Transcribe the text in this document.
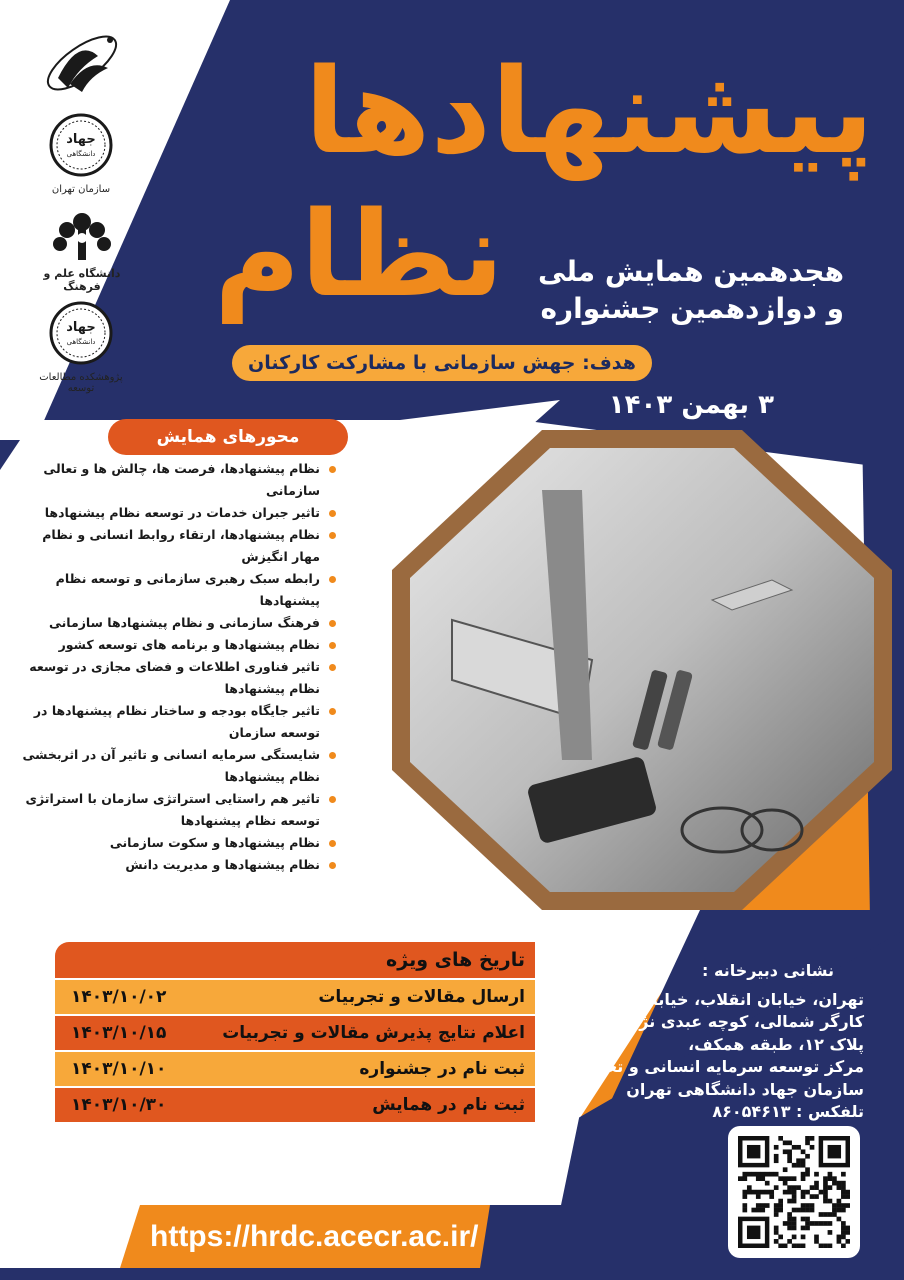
جهاد
دانشگاهی
سازمان تهران
دانشگاه علم و فرهنگ
جهاد
دانشگاهی
پژوهشکده مطالعات توسعه
پیشنهادها
نظام هجدهمین همایش ملی
و دوازدهمین جشنواره
هدف: جهش سازمانی با مشارکت کارکنان
۳ بهمن ۱۴۰۳
محورهای همایش
نظام پیشنهادها، فرصت ها، چالش ها و تعالی سازمانی
تاثیر جبران خدمات در توسعه نظام پیشنهادها
نظام پیشنهادها، ارتقاء روابط انسانی و نظام مهار انگیزش
رابطه سبک رهبری سازمانی و توسعه نظام پیشنهادها
فرهنگ سازمانی و نظام پیشنهادها سازمانی
نظام پیشنهادها و برنامه های توسعه کشور
تاثیر فناوری اطلاعات و فضای مجازی در توسعه نظام پیشنهادها
تاثیر جایگاه بودجه و ساختار نظام پیشنهادها در توسعه سازمان
شایستگی سرمایه انسانی و تاثیر آن در اثربخشی نظام پیشنهادها
تاثیر هم راستایی استراتژی سازمان با استراتژی توسعه نظام پیشنهادها
نظام پیشنهادها و سکوت سازمانی
نظام پیشنهادها و مدیریت دانش
تاریخ های ویژه
ارسال مقالات و تجربیات
۱۴۰۳/۱۰/۰۲
اعلام نتایج پذیرش مقالات و تجربیات
۱۴۰۳/۱۰/۱۵
ثبت نام در جشنواره
۱۴۰۳/۱۰/۱۰
ثبت نام در همایش
۱۴۰۳/۱۰/۳۰
نشانی دبیرخانه :
تهران، خیابان انقلاب، خیابان
کارگر شمالی، کوچه عبدی نژاد،
پلاک ۱۲، طبقه همکف،
مرکز توسعه سرمایه انسانی و تعالی
سازمان جهاد دانشگاهی تهران
تلفکس : ۸۶۰۵۴۶۱۳
https://hrdc.acecr.ac.ir/
